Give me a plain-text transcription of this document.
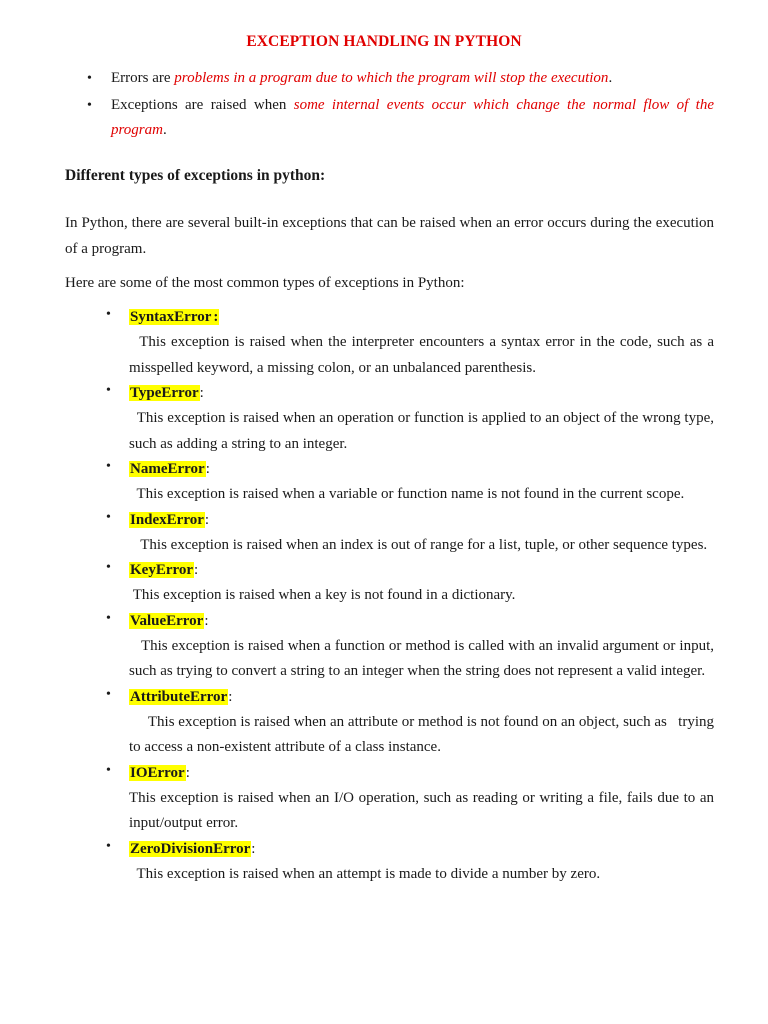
EXCEPTION HANDLING IN PYTHON
• Errors are problems in a program due to which the program will stop the execution.
• Exceptions are raised when some internal events occur which change the normal flow of the program.
Different types of exceptions in python:
In Python, there are several built-in exceptions that can be raised when an error occurs during the execution of a program.
Here are some of the most common types of exceptions in Python:
• SyntaxError :
This exception is raised when the interpreter encounters a syntax error in the code, such as a misspelled keyword, a missing colon, or an unbalanced parenthesis.
• TypeError:
This exception is raised when an operation or function is applied to an object of the wrong type, such as adding a string to an integer.
• NameError:
This exception is raised when a variable or function name is not found in the current scope.
• IndexError:
This exception is raised when an index is out of range for a list, tuple, or other sequence types.
• KeyError:
This exception is raised when a key is not found in a dictionary.
• ValueError:
This exception is raised when a function or method is called with an invalid argument or input, such as trying to convert a string to an integer when the string does not represent a valid integer.
• AttributeError:
This exception is raised when an attribute or method is not found on an object, such as   trying to access a non-existent attribute of a class instance.
• IOError:
This exception is raised when an I/O operation, such as reading or writing a file, fails due to an input/output error.
• ZeroDivisionError:
This exception is raised when an attempt is made to divide a number by zero.
